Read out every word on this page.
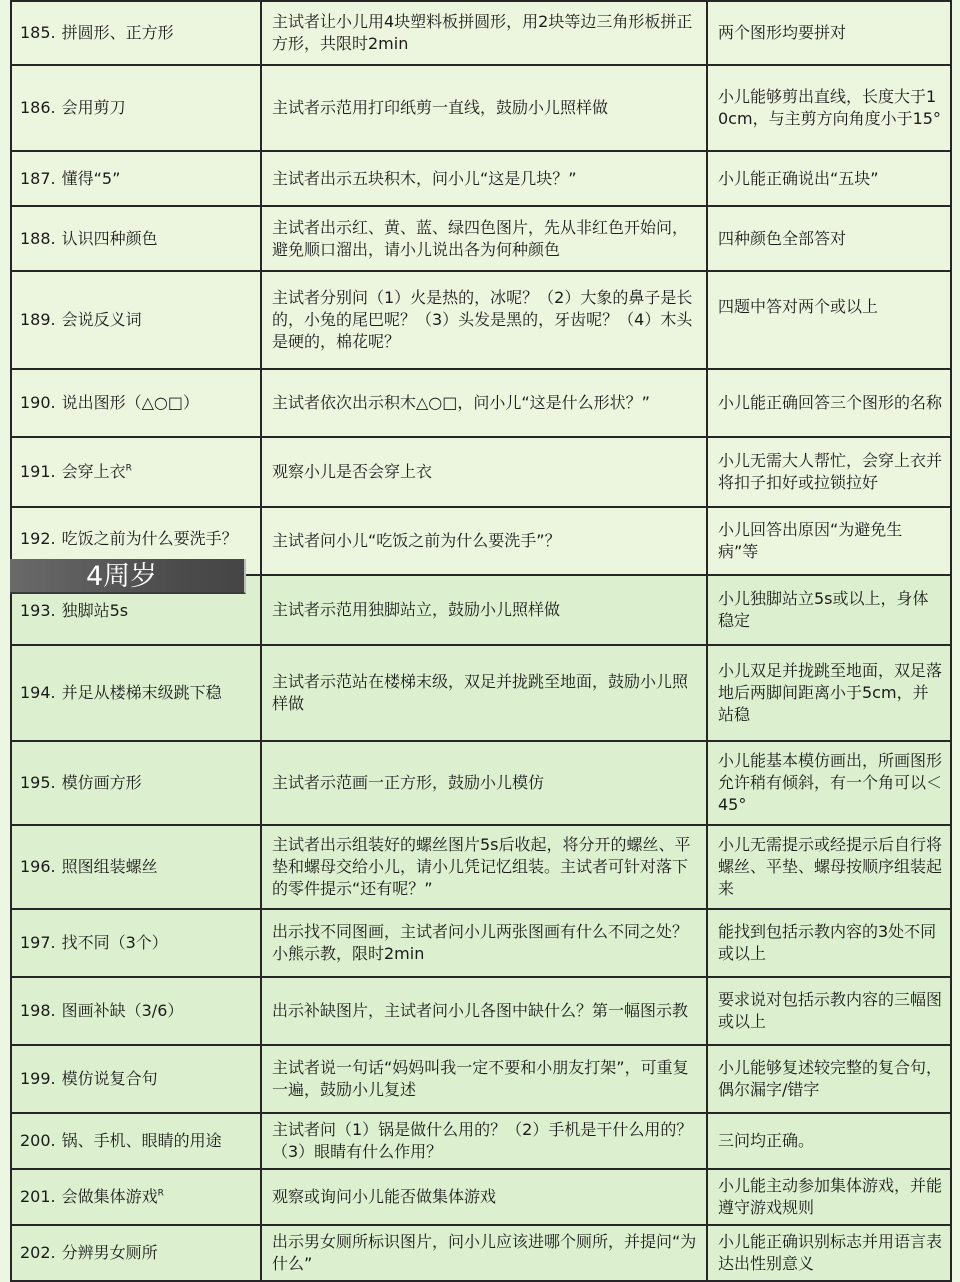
185. 拼圆形、正方形	主试者让小儿用4块塑料板拼圆形，用2块等边三角形板拼正方形，共限时2min	两个图形均要拼对
186. 会用剪刀	主试者示范用打印纸剪一直线，鼓励小儿照样做	小儿能够剪出直线，长度大于10cm，与主剪方向角度小于15°
187. 懂得“5”	主试者出示五块积木，问小儿“这是几块？”	小儿能正确说出“五块”
188. 认识四种颜色	主试者出示红、黄、蓝、绿四色图片，先从非红色开始问，避免顺口溜出，请小儿说出各为何种颜色	四种颜色全部答对
189. 会说反义词	主试者分别问（1）火是热的，冰呢？（2）大象的鼻子是长的，小兔的尾巴呢？（3）头发是黑的，牙齿呢？（4）木头是硬的，棉花呢？	四题中答对两个或以上
190. 说出图形（△○□）	主试者依次出示积木△○□，问小儿“这是什么形状？”	小儿能正确回答三个图形的名称
191. 会穿上衣$^R$	观察小儿是否会穿上衣	小儿无需大人帮忙，会穿上衣并将扣子扣好或拉锁拉好
192. 吃饭之前为什么要洗手？	主试者问小儿“吃饭之前为什么要洗手”？	小儿回答出原因“为避免生病”等
193. 独脚站5s	主试者示范用独脚站立，鼓励小儿照样做	小儿独脚站立5s或以上，身体稳定
194. 并足从楼梯末级跳下稳	主试者示范站在楼梯末级，双足并拢跳至地面，鼓励小儿照样做	小儿双足并拢跳至地面，双足落地后两脚间距离小于5cm，并站稳
195. 模仿画方形	主试者示范画一正方形，鼓励小儿模仿	小儿能基本模仿画出，所画图形允许稍有倾斜，有一个角可以＜45°
196. 照图组装螺丝	主试者出示组装好的螺丝图片5s后收起，将分开的螺丝、平垫和螺母交给小儿，请小儿凭记忆组装。主试者可针对落下的零件提示“还有呢？”	小儿无需提示或经提示后自行将螺丝、平垫、螺母按顺序组装起来
197. 找不同（3个）	出示找不同图画，主试者问小儿两张图画有什么不同之处？小熊示教，限时2min	能找到包括示教内容的3处不同或以上
198. 图画补缺（3/6）	出示补缺图片，主试者问小儿各图中缺什么？第一幅图示教	要求说对包括示教内容的三幅图或以上
199. 模仿说复合句	主试者说一句话“妈妈叫我一定不要和小朋友打架”，可重复一遍，鼓励小儿复述	小儿能够复述较完整的复合句，偶尔漏字/错字
200. 锅、手机、眼睛的用途	主试者问（1）锅是做什么用的？（2）手机是干什么用的？（3）眼睛有什么作用？	三问均正确。
201. 会做集体游戏$^R$	观察或询问小儿能否做集体游戏	小儿能主动参加集体游戏，并能遵守游戏规则
202. 分辨男女厕所	出示男女厕所标识图片，问小儿应该进哪个厕所，并提问“为什么”	小儿能正确识别标志并用语言表达出性别意义
4周岁
